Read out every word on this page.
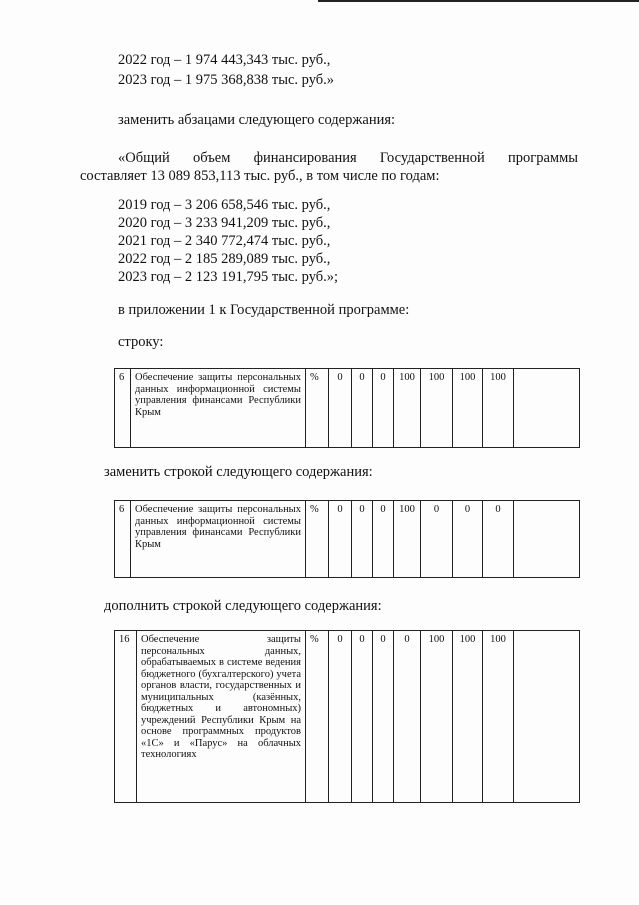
2022 год – 1 974 443,343 тыс. руб.,
2023 год – 1 975 368,838 тыс. руб.»
заменить абзацами следующего содержания:
«Общий объем финансирования Государственной программы
составляет 13 089 853,113 тыс. руб., в том числе по годам:
2019 год – 3 206 658,546 тыс. руб.,
2020 год – 3 233 941,209 тыс. руб.,
2021 год – 2 340 772,474 тыс. руб.,
2022 год – 2 185 289,089 тыс. руб.,
2023 год – 2 123 191,795 тыс. руб.»;
в приложении 1 к Государственной программе:
строку:
6	Обеспечение защиты персональных данных информационной системы управления финансами Республики Крым	%	0	0	0	100	100	100	100	
заменить строкой следующего содержания:
6	Обеспечение защиты персональных данных информационной системы управления финансами Республики Крым	%	0	0	0	100	0	0	0	
дополнить строкой следующего содержания:
16	Обеспечение защиты персональных данных, обрабатываемых в системе ведения бюджетного (бухгалтерского) учета органов власти, государственных и муниципальных (казённых, бюджетных и автономных) учреждений Республики Крым на основе программных продуктов «1С» и «Парус» на облачных технологиях	%	0	0	0	0	100	100	100	
